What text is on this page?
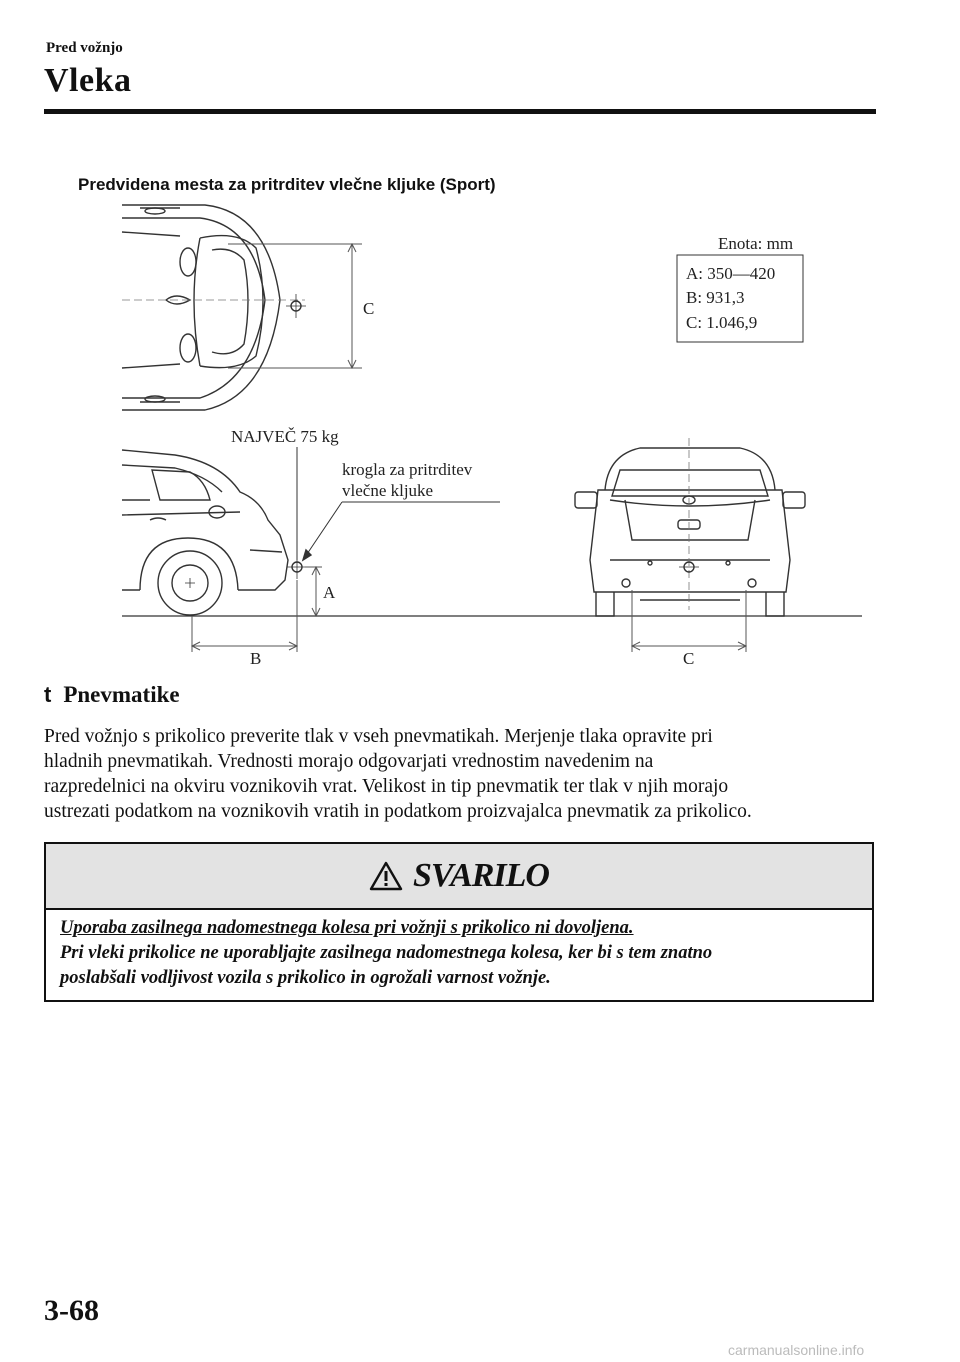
Pred vožnjo
Vleka
Predvidena mesta za pritrditev vlečne kljuke (Sport)
Enota: mm
A: 350—420
B: 931,3
C: 1.046,9
C
NAJVEČ 75 kg
krogla za pritrditev
vlečne kljuke
A
B	C
t Pnevmatike
Pred vožnjo s prikolico preverite tlak v vseh pnevmatikah. Merjenje tlaka opravite pri
hladnih pnevmatikah. Vrednosti morajo odgovarjati vrednostim navedenim na
razpredelnici na okviru voznikovih vrat. Velikost in tip pnevmatik ter tlak v njih morajo
ustrezati podatkom na voznikovih vratih in podatkom proizvajalca pnevmatik za prikolico.
SVARILO
Uporaba zasilnega nadomestnega kolesa pri vožnji s prikolico ni dovoljena.
Pri vleki prikolice ne uporabljajte zasilnega nadomestnega kolesa, ker bi s tem znatno
poslabšali vodljivost vozila s prikolico in ogrožali varnost vožnje.
3-68
carmanualsonline.info
